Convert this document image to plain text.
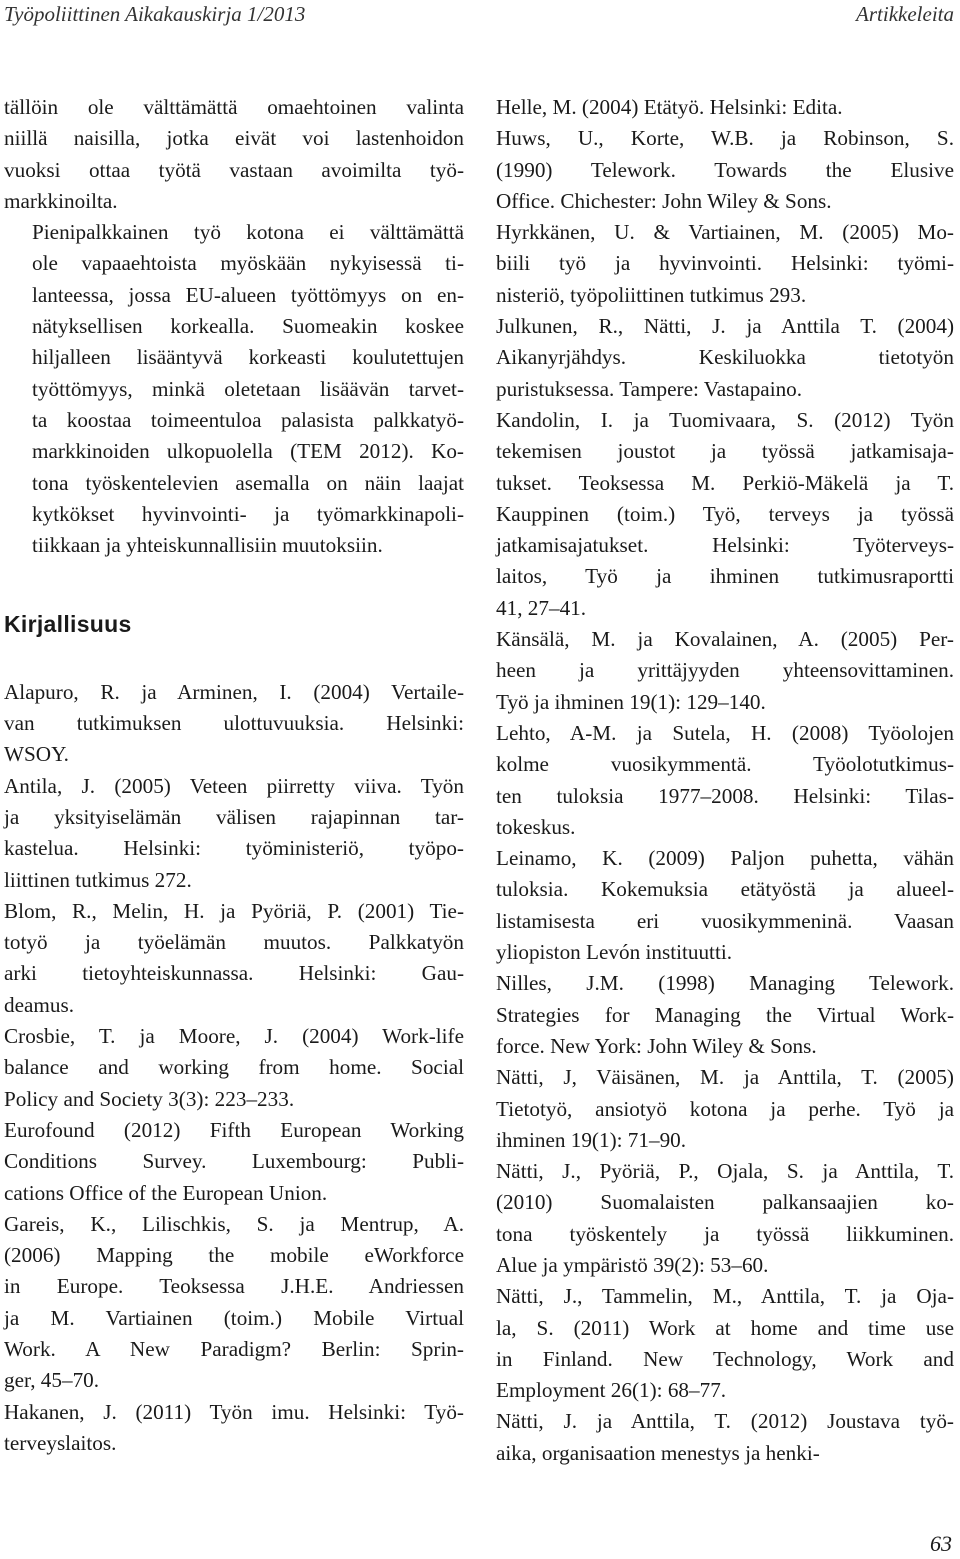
Työpoliittinen Aikakauskirja 1/2013	Artikkeleita

tällöin ole välttämättä omaehtoinen valinta
niillä naisilla, jotka eivät voi lastenhoidon
vuoksi ottaa työtä vastaan avoimilta työ-
markkinoilta.

Pienipalkkainen työ kotona ei välttämättä
ole vapaaehtoista myöskään nykyisessä ti-
lanteessa, jossa EU-alueen työttömyys on en-
nätyksellisen korkealla. Suomeakin koskee
hiljalleen lisääntyvä korkeasti koulutettujen
työttömyys, minkä oletetaan lisäävän tarvet-
ta koostaa toimeentuloa palasista palkkatyö-
markkinoiden ulkopuolella (TEM 2012). Ko-
tona työskentelevien asemalla on näin laajat
kytkökset hyvinvointi- ja työmarkkinapoli-
tiikkaan ja yhteiskunnallisiin muutoksiin.

Kirjallisuus
Alapuro, R. ja Arminen, I. (2004) Vertaile-
van tutkimuksen ulottuvuuksia. Helsinki:
WSOY.
Antila, J. (2005) Veteen piirretty viiva. Työn
ja yksityiselämän välisen rajapinnan tar-
kastelua. Helsinki: työministeriö, työpo-
liittinen tutkimus 272.
Blom, R., Melin, H. ja Pyöriä, P. (2001) Tie-
totyö ja työelämän muutos. Palkkatyön
arki tietoyhteiskunnassa. Helsinki: Gau-
deamus.
Crosbie, T. ja Moore, J. (2004) Work-life
balance and working from home. Social
Policy and Society 3(3): 223–233.
Eurofound (2012) Fifth European Working
Conditions Survey. Luxembourg: Publi-
cations Office of the European Union.
Gareis, K., Lilischkis, S. ja Mentrup, A.
(2006) Mapping the mobile eWorkforce
in Europe. Teoksessa J.H.E. Andriessen
ja M. Vartiainen (toim.) Mobile Virtual
Work. A New Paradigm? Berlin: Sprin-
ger, 45–70.
Hakanen, J. (2011) Työn imu. Helsinki: Työ-
terveyslaitos.
Helle, M. (2004) Etätyö. Helsinki: Edita.
Huws, U., Korte, W.B. ja Robinson, S.
(1990) Telework. Towards the Elusive
Office. Chichester: John Wiley & Sons.
Hyrkkänen, U. & Vartiainen, M. (2005) Mo-
biili työ ja hyvinvointi. Helsinki: työmi-
nisteriö, työpoliittinen tutkimus 293.
Julkunen, R., Nätti, J. ja Anttila T. (2004)
Aikanyrjähdys. Keskiluokka tietotyön
puristuksessa. Tampere: Vastapaino.
Kandolin, I. ja Tuomivaara, S. (2012) Työn
tekemisen joustot ja työssä jatkamisaja-
tukset. Teoksessa M. Perkiö-Mäkelä ja T.
Kauppinen (toim.) Työ, terveys ja työssä
jatkamisajatukset. Helsinki: Työterveys-
laitos, Työ ja ihminen tutkimusraportti
41, 27–41.
Känsälä, M. ja Kovalainen, A. (2005) Per-
heen ja yrittäjyyden yhteensovittaminen.
Työ ja ihminen 19(1): 129–140.
Lehto, A-M. ja Sutela, H. (2008) Työolojen
kolme vuosikymmentä. Työolotutkimus-
ten tuloksia 1977–2008. Helsinki: Tilas-
tokeskus.
Leinamo, K. (2009) Paljon puhetta, vähän
tuloksia. Kokemuksia etätyöstä ja alueel-
listamisesta eri vuosikymmeninä. Vaasan
yliopiston Levón instituutti.
Nilles, J.M. (1998) Managing Telework.
Strategies for Managing the Virtual Work-
force. New York: John Wiley & Sons.
Nätti, J, Väisänen, M. ja Anttila, T. (2005)
Tietotyö, ansiotyö kotona ja perhe. Työ ja
ihminen 19(1): 71–90.
Nätti, J., Pyöriä, P., Ojala, S. ja Anttila, T.
(2010) Suomalaisten palkansaajien ko-
tona työskentely ja työssä liikkuminen.
Alue ja ympäristö 39(2): 53–60.
Nätti, J., Tammelin, M., Anttila, T. ja Oja-
la, S. (2011) Work at home and time use
in Finland. New Technology, Work and
Employment 26(1): 68–77.
Nätti, J. ja Anttila, T. (2012) Joustava työ-
aika, organisaation menestys ja henki-
63
